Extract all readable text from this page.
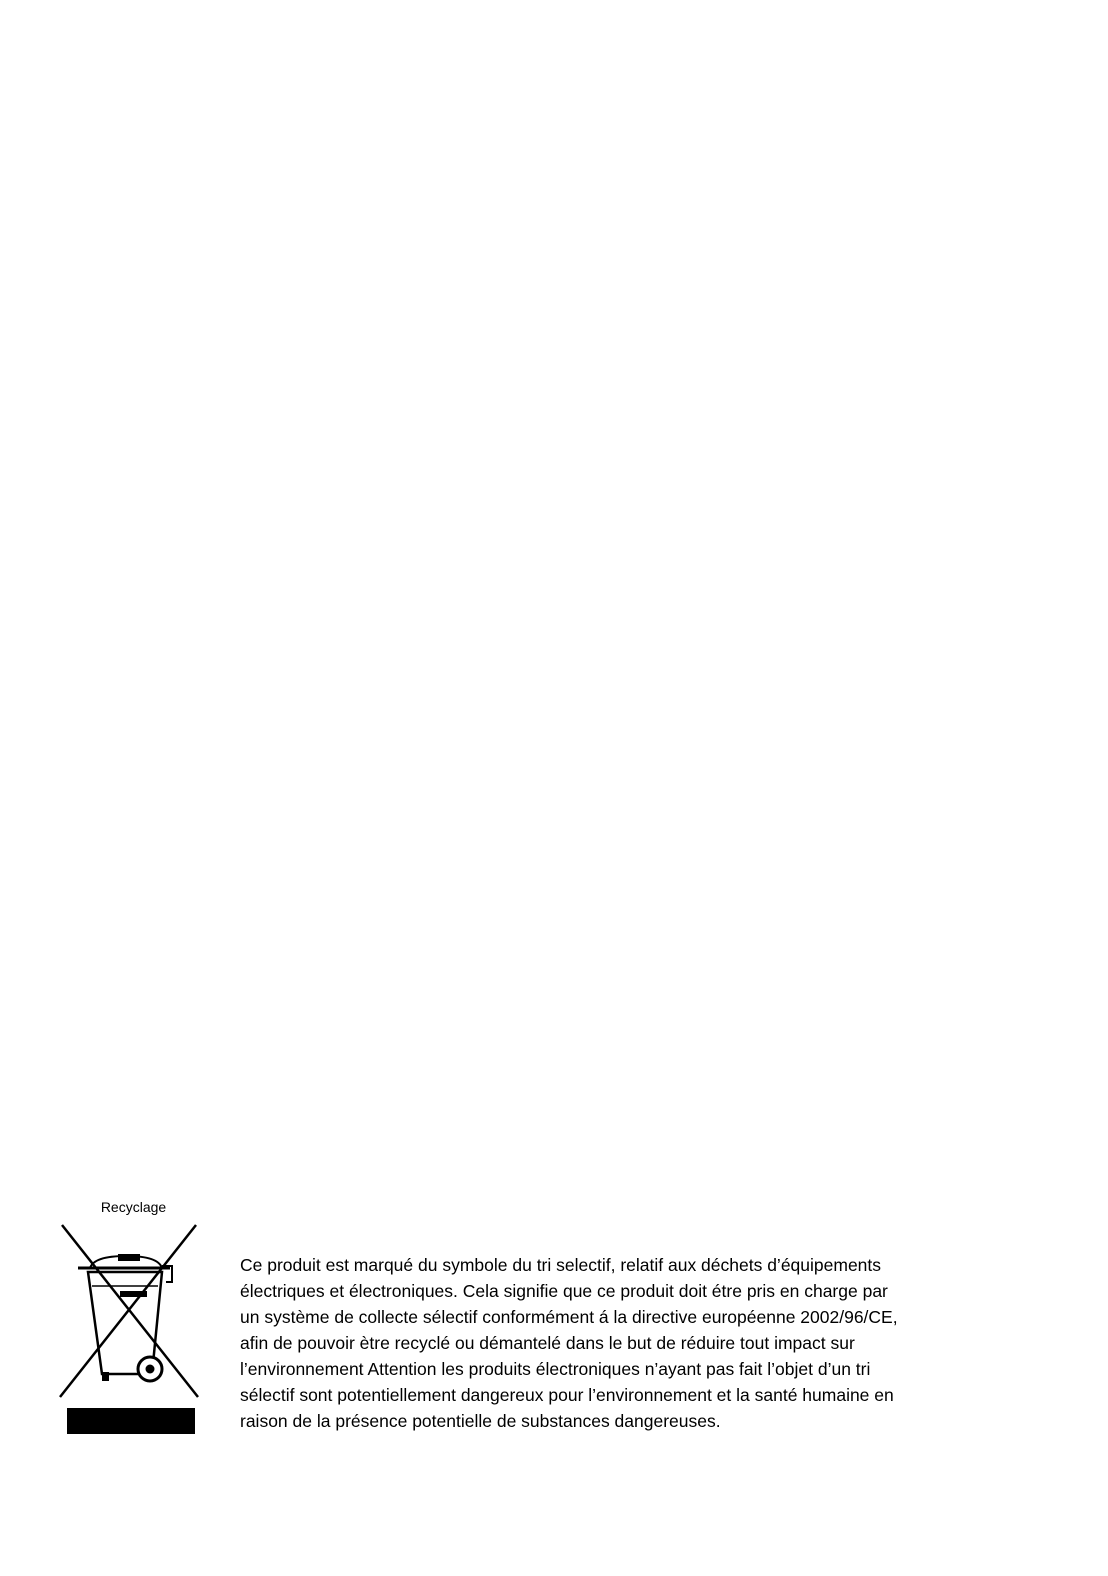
Recyclage
Ce produit est marqué du symbole du tri selectif, relatif aux déchets d’équipements
électriques et électroniques. Cela signifie que ce produit doit étre pris en charge par
un système de collecte sélectif conformément á la directive européenne 2002/96/CE,
afin de pouvoir ètre recyclé ou démantelé dans le but de réduire tout impact sur
l’environnement Attention les produits électroniques n’ayant pas fait l’objet d’un tri
sélectif sont potentiellement dangereux pour l’environnement et la santé humaine en
raison de la présence potentielle de substances dangereuses.
